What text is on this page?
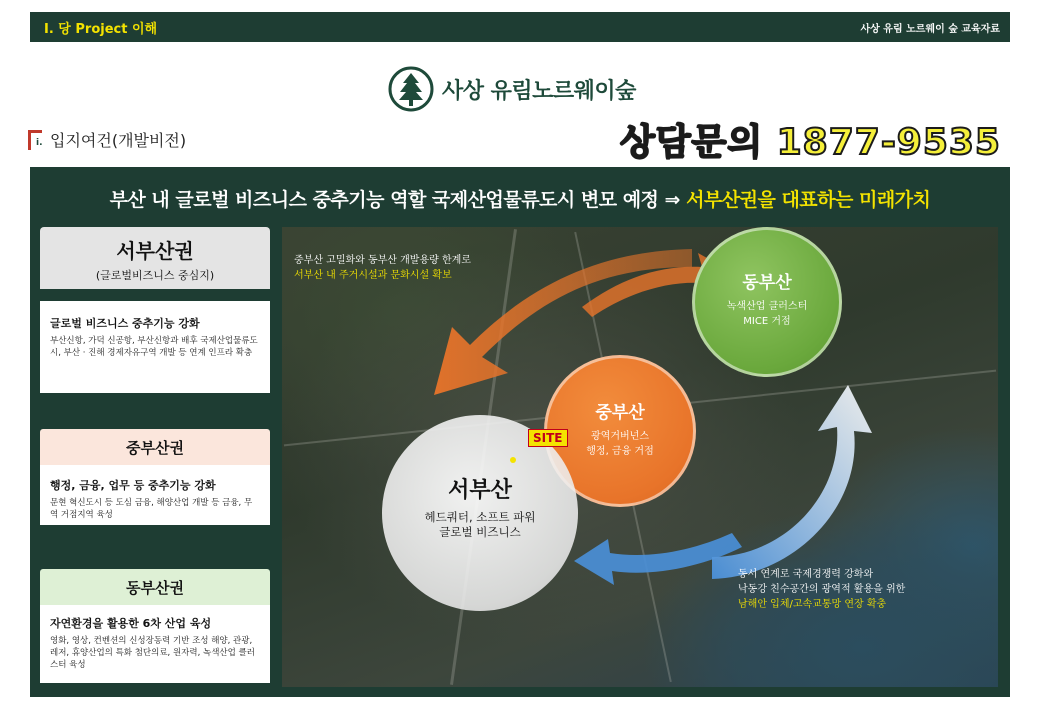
Ⅰ. 당 Project 이해	사상 유림 노르웨이 숲 교육자료
사상 유림노르웨이숲
i. 입지여건(개발비전)	상담문의 1877-9535
부산 내 글로벌 비즈니스 중추기능 역할 국제산업물류도시 변모 예정 ⇒ 서부산권을 대표하는 미래가치
서부산권
(글로벌비즈니스 중심지)
글로벌 비즈니스 중추기능 강화
부산신항, 가덕 신공항, 부산신항과 배후 국제산업물류도시, 부산 · 진해 경제자유구역 개발 등 연계 인프라 확충
중부산권
행정, 금융, 업무 등 중추기능 강화
문현 혁신도시 등 도심 금융, 해양산업 개발 등 금융, 무역 거점지역 육성
동부산권
자연환경을 활용한 6차 산업 육성
영화, 영상, 컨벤션의 신성장동력 기반 조성 해양, 관광, 레저, 휴양산업의 특화 첨단의료, 원자력, 녹색산업 클러스터 육성
중부산 고밀화와 동부산 개발용량 한계로
서부산 내 주거시설과 문화시설 확보	동부산
녹색산업 클러스터
MICE 거점
중부산
광역거버넌스
행정, 금융 거점
서부산
헤드쿼터, 소프트 파워
글로벌 비즈니스
SITE
동서 연계로 국제경쟁력 강화와
낙동강 친수공간의 광역적 활용을 위한
남해안 입체/고속교통망 연장 확충
